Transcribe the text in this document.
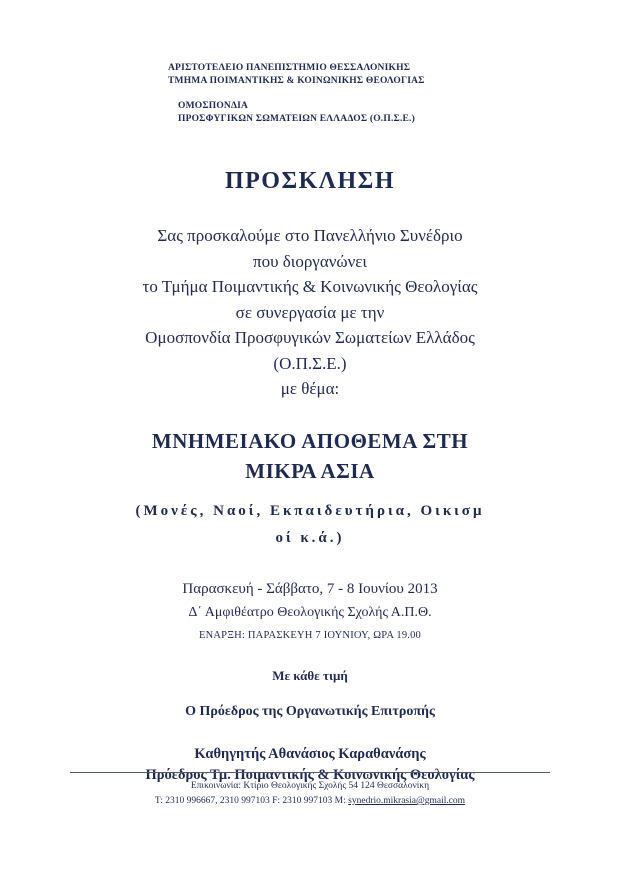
ΑΡΙΣΤΟΤΕΛΕΙΟ ΠΑΝΕΠΙΣΤΗΜΙΟ ΘΕΣΣΑΛΟΝΙΚΗΣ
ΤΜΗΜΑ ΠΟΙΜΑΝΤΙΚΗΣ & ΚΟΙΝΩΝΙΚΗΣ ΘΕΟΛΟΓΙΑΣ
ΟΜΟΣΠΟΝΔΙΑ
ΠΡΟΣΦΥΓΙΚΩΝ ΣΩΜΑΤΕΙΩΝ ΕΛΛΑΔΟΣ (Ο.Π.Σ.Ε.)
ΠΡΟΣΚΛΗΣΗ
Σας προσκαλούμε στο Πανελλήνιο Συνέδριο
που διοργανώνει
το Τμήμα Ποιμαντικής & Κοινωνικής Θεολογίας
σε συνεργασία με την
Ομοσπονδία Προσφυγικών Σωματείων Ελλάδος
(Ο.Π.Σ.Ε.)
με θέμα:
ΜΝΗΜΕΙΑΚΟ ΑΠΟΘΕΜΑ ΣΤΗ
ΜΙΚΡΑ ΑΣΙΑ
(Μονές, Ναοί, Εκπαιδευτήρια, Οικισμ
οί κ.ά.)
Παρασκευή - Σάββατο, 7 - 8 Ιουνίου 2013
Δ΄ Αμφιθέατρο Θεολογικής Σχολής Α.Π.Θ.
ΕΝΑΡΞΗ: ΠΑΡΑΣΚΕΥΗ 7 ΙΟΥΝΙΟΥ, ΩΡΑ 19.00
Με κάθε τιμή
Ο Πρόεδρος της Οργανωτικής Επιτροπής
Καθηγητής Αθανάσιος Καραθανάσης
Πρόεδρος Τμ. Ποιμαντικής & Κοινωνικής Θεολογίας
Επικοινωνία: Κτίριο Θεολογικής Σχολής 54 124 Θεσσαλονίκη
Τ: 2310 996667, 2310 997103 F: 2310 997103 M: synedrio.mikrasia@gmail.com
